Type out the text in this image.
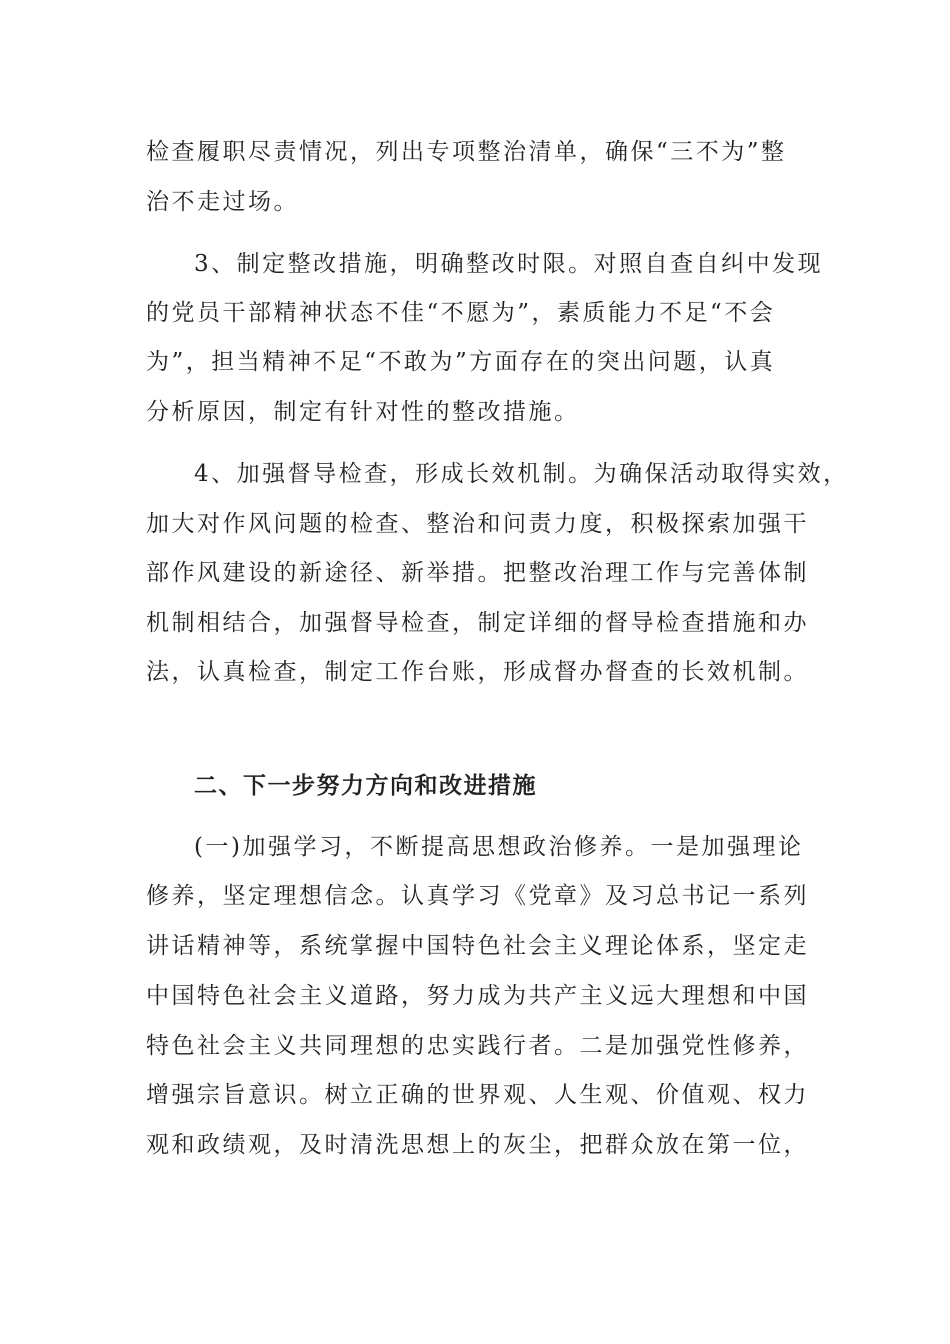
检查履职尽责情况，列出专项整治清单，确保“三不为”整
治不走过场。
3、制定整改措施，明确整改时限。对照自查自纠中发现
的党员干部精神状态不佳“不愿为”，素质能力不足“不会
为”，担当精神不足“不敢为”方面存在的突出问题，认真
分析原因，制定有针对性的整改措施。
4、加强督导检查，形成长效机制。为确保活动取得实效，
加大对作风问题的检查、整治和问责力度，积极探索加强干
部作风建设的新途径、新举措。把整改治理工作与完善体制
机制相结合，加强督导检查，制定详细的督导检查措施和办
法，认真检查，制定工作台账，形成督办督查的长效机制。
二、下一步努力方向和改进措施
(一)加强学习，不断提高思想政治修养。一是加强理论
修养，坚定理想信念。认真学习《党章》及习总书记一系列
讲话精神等，系统掌握中国特色社会主义理论体系，坚定走
中国特色社会主义道路，努力成为共产主义远大理想和中国
特色社会主义共同理想的忠实践行者。二是加强党性修养，
增强宗旨意识。树立正确的世界观、人生观、价值观、权力
观和政绩观，及时清洗思想上的灰尘，把群众放在第一位，
